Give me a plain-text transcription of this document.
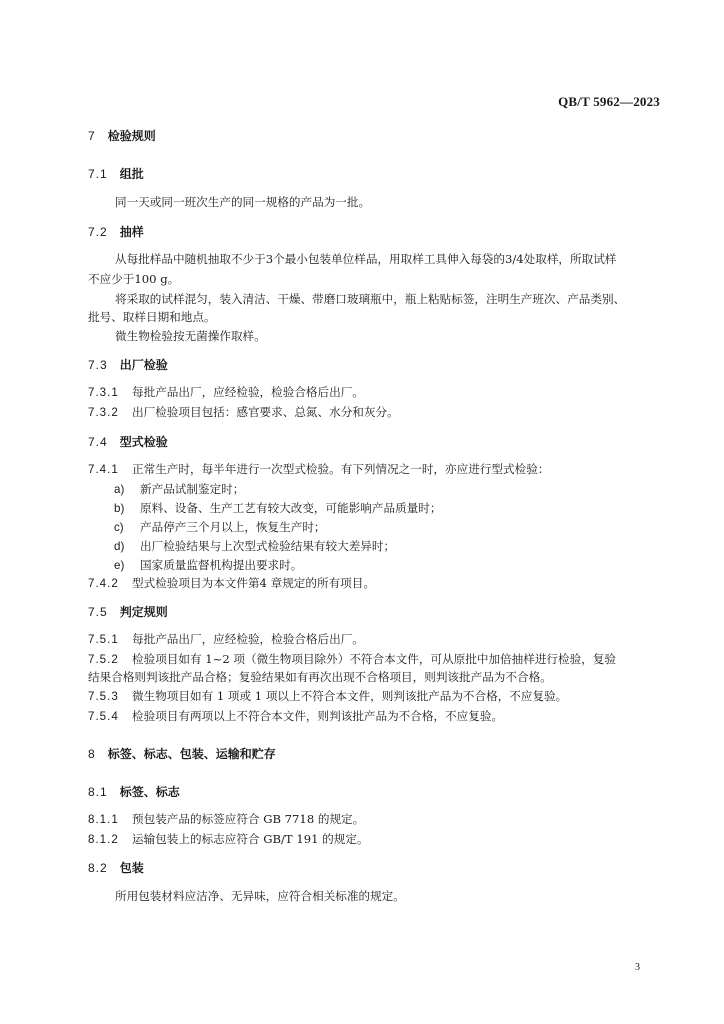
QB/T 5962—2023
7 检验规则
7.1 组批
同一天或同一班次生产的同一规格的产品为一批。
7.2 抽样
从每批样品中随机抽取不少于3个最小包装单位样品，用取样工具伸入每袋的3/4处取样，所取试样
不应少于100 g。
将采取的试样混匀，装入清洁、干燥、带磨口玻璃瓶中，瓶上粘贴标签，注明生产班次、产品类别、
批号、取样日期和地点。
微生物检验按无菌操作取样。
7.3 出厂检验
7.3.1 每批产品出厂，应经检验，检验合格后出厂。
7.3.2 出厂检验项目包括：感官要求、总氮、水分和灰分。
7.4 型式检验
7.4.1 正常生产时，每半年进行一次型式检验。有下列情况之一时，亦应进行型式检验：
a) 新产品试制鉴定时；
b) 原料、设备、生产工艺有较大改变，可能影响产品质量时；
c) 产品停产三个月以上，恢复生产时；
d) 出厂检验结果与上次型式检验结果有较大差异时；
e) 国家质量监督机构提出要求时。
7.4.2 型式检验项目为本文件第4 章规定的所有项目。
7.5 判定规则
7.5.1 每批产品出厂，应经检验，检验合格后出厂。
7.5.2 检验项目如有 1~2 项（微生物项目除外）不符合本文件，可从原批中加倍抽样进行检验，复验
结果合格则判该批产品合格；复验结果如有再次出现不合格项目，则判该批产品为不合格。
7.5.3 微生物项目如有 1 项或 1 项以上不符合本文件，则判该批产品为不合格，不应复验。
7.5.4 检验项目有两项以上不符合本文件，则判该批产品为不合格，不应复验。
8 标签、标志、包装、运输和贮存
8.1 标签、标志
8.1.1 预包装产品的标签应符合 GB 7718 的规定。
8.1.2 运输包装上的标志应符合 GB/T 191 的规定。
8.2 包装
所用包装材料应洁净、无异味，应符合相关标准的规定。
3
